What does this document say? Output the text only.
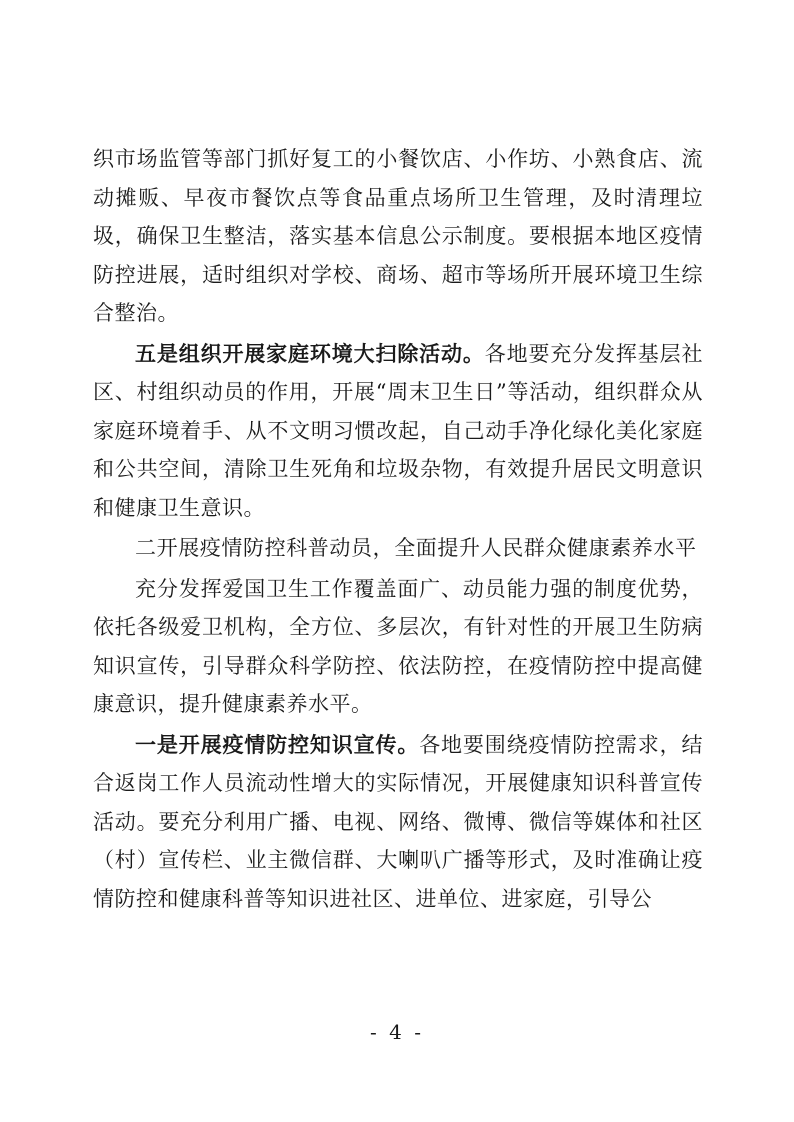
织市场监管等部门抓好复工的小餐饮店、小作坊、小熟食店、流动摊贩、早夜市餐饮点等食品重点场所卫生管理，及时清理垃圾，确保卫生整洁，落实基本信息公示制度。要根据本地区疫情防控进展，适时组织对学校、商场、超市等场所开展环境卫生综合整治。

五是组织开展家庭环境大扫除活动。各地要充分发挥基层社区、村组织动员的作用，开展“周末卫生日”等活动，组织群众从家庭环境着手、从不文明习惯改起，自己动手净化绿化美化家庭和公共空间，清除卫生死角和垃圾杂物，有效提升居民文明意识和健康卫生意识。

二开展疫情防控科普动员，全面提升人民群众健康素养水平

充分发挥爱国卫生工作覆盖面广、动员能力强的制度优势，依托各级爱卫机构，全方位、多层次，有针对性的开展卫生防病知识宣传，引导群众科学防控、依法防控，在疫情防控中提高健康意识，提升健康素养水平。

一是开展疫情防控知识宣传。各地要围绕疫情防控需求，结合返岗工作人员流动性增大的实际情况，开展健康知识科普宣传活动。要充分利用广播、电视、网络、微博、微信等媒体和社区（村）宣传栏、业主微信群、大喇叭广播等形式，及时准确让疫情防控和健康科普等知识进社区、进单位、进家庭，引导公

- 4 -
